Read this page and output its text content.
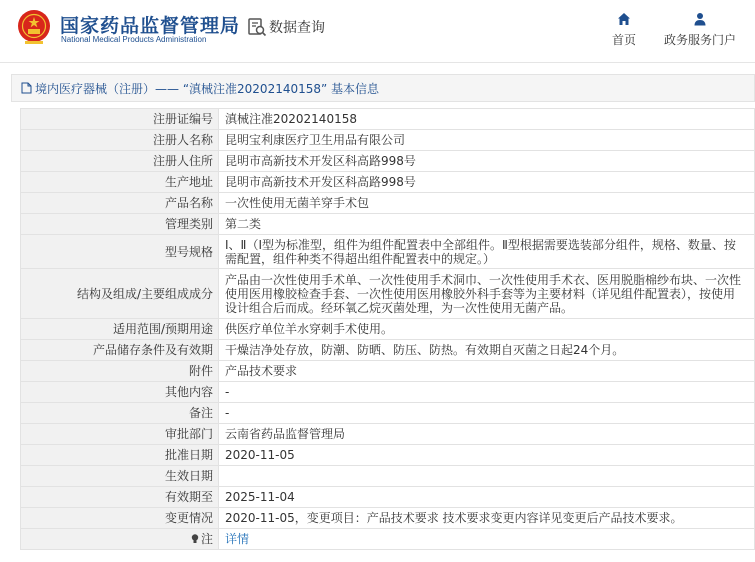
国家药品监督管理局
National Medical Products Administration
数据查询
首页 政务服务门户
境内医疗器械（注册）—— “滇械注准20202140158” 基本信息
注册证编号	滇械注准20202140158
注册人名称	昆明宝利康医疗卫生用品有限公司
注册人住所	昆明市高新技术开发区科高路998号
生产地址	昆明市高新技术开发区科高路998号
产品名称	一次性使用无菌羊穿手术包
管理类别	第二类
型号规格	Ⅰ、Ⅱ（Ⅰ型为标准型，组件为组件配置表中全部组件。Ⅱ型根据需要选装部分组件，规格、数量、按需配置，组件种类不得超出组件配置表中的规定。）
结构及组成/主要组成成分	产品由一次性使用手术单、一次性使用手术洞巾、一次性使用手术衣、医用脱脂棉纱布块、一次性使用医用橡胶检查手套、一次性使用医用橡胶外科手套等为主要材料（详见组件配置表），按使用设计组合后而成。经环氧乙烷灭菌处理，为一次性使用无菌产品。
适用范围/预期用途	供医疗单位羊水穿刺手术使用。
产品储存条件及有效期	干燥洁净处存放，防潮、防晒、防压、防热。有效期自灭菌之日起24个月。
附件	产品技术要求
其他内容	-
备注	-
审批部门	云南省药品监督管理局
批准日期	2020-11-05
生效日期	
有效期至	2025-11-04
变更情况	2020-11-05，变更项目：产品技术要求 技术要求变更内容详见变更后产品技术要求。
注	详情
